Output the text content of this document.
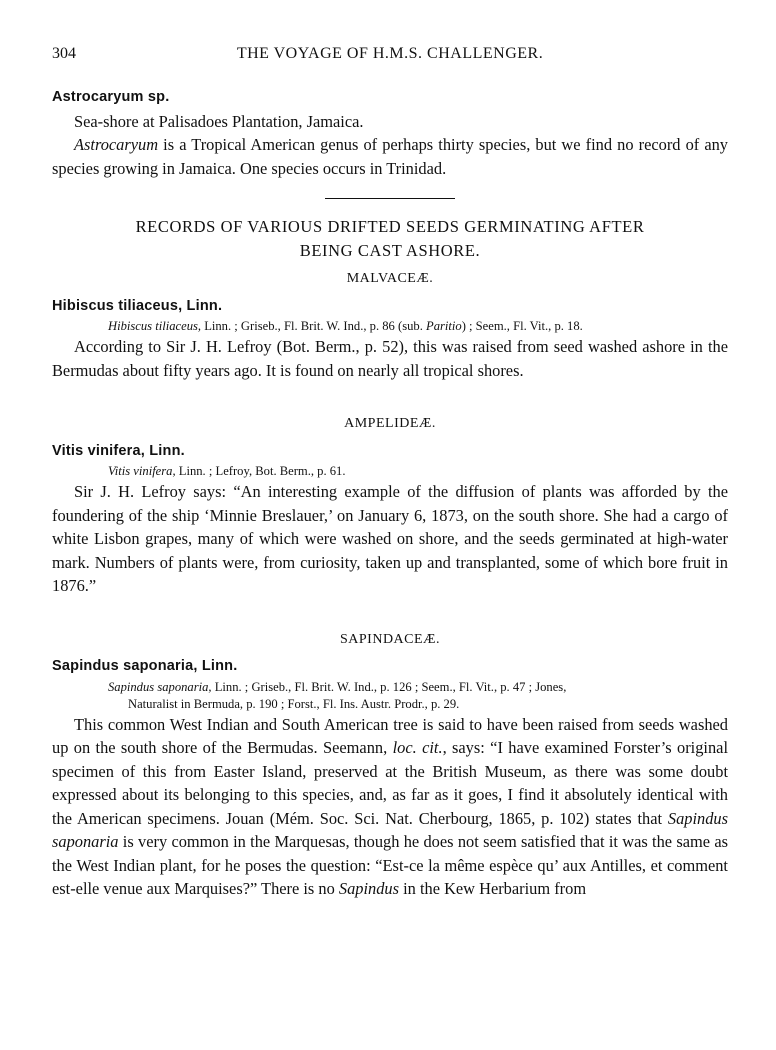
304	THE VOYAGE OF H.M.S. CHALLENGER.

Astrocaryum sp.

Sea-shore at Palisadoes Plantation, Jamaica.

Astrocaryum is a Tropical American genus of perhaps thirty species, but we find no record of any species growing in Jamaica. One species occurs in Trinidad.

RECORDS OF VARIOUS DRIFTED SEEDS GERMINATING AFTER
BEING CAST ASHORE.
MALVACEÆ.

Hibiscus tiliaceus, Linn.

Hibiscus tiliaceus, Linn. ; Griseb., Fl. Brit. W. Ind., p. 86 (sub. Paritio) ; Seem., Fl. Vit., p. 18.

According to Sir J. H. Lefroy (Bot. Berm., p. 52), this was raised from seed washed ashore in the Bermudas about fifty years ago. It is found on nearly all tropical shores.

AMPELIDEÆ.

Vitis vinifera, Linn.

Vitis vinifera, Linn. ; Lefroy, Bot. Berm., p. 61.

Sir J. H. Lefroy says: “An interesting example of the diffusion of plants was afforded by the foundering of the ship ‘Minnie Breslauer,’ on January 6, 1873, on the south shore. She had a cargo of white Lisbon grapes, many of which were washed on shore, and the seeds germinated at high-water mark. Numbers of plants were, from curiosity, taken up and transplanted, some of which bore fruit in 1876.”

SAPINDACEÆ.

Sapindus saponaria, Linn.

Sapindus saponaria, Linn. ; Griseb., Fl. Brit. W. Ind., p. 126 ; Seem., Fl. Vit., p. 47 ; Jones,
Naturalist in Bermuda, p. 190 ; Forst., Fl. Ins. Austr. Prodr., p. 29.

This common West Indian and South American tree is said to have been raised from seeds washed up on the south shore of the Bermudas. Seemann, loc. cit., says: “I have examined Forster’s original specimen of this from Easter Island, preserved at the British Museum, as there was some doubt expressed about its belonging to this species, and, as far as it goes, I find it absolutely identical with the American specimens. Jouan (Mém. Soc. Sci. Nat. Cherbourg, 1865, p. 102) states that Sapindus saponaria is very common in the Marquesas, though he does not seem satisfied that it was the same as the West Indian plant, for he poses the question: “Est-ce la même espèce qu’ aux Antilles, et comment est-elle venue aux Marquises?” There is no Sapindus in the Kew Herbarium from
